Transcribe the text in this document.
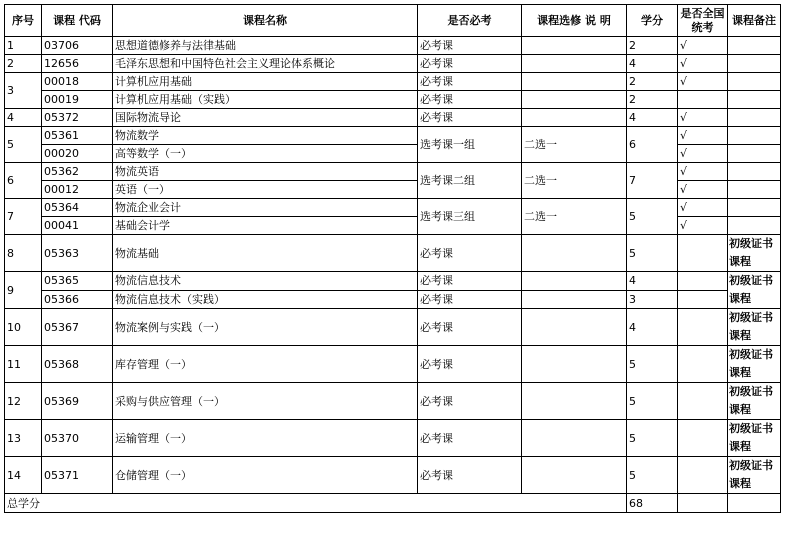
序号	课程 代码	课程名称	是否必考	课程选修 说 明	学分	是否全国统考	课程备注
1	03706	思想道德修养与法律基础	必考课		2	√	
2	12656	毛泽东思想和中国特色社会主义理论体系概论	必考课		4	√	
3	00018	计算机应用基础	必考课		2	√	
	00019	计算机应用基础（实践）	必考课		2		
4	05372	国际物流导论	必考课		4	√	
5	05361	物流数学	选考课一组	二选一	6	√	
	00020	高等数学（一）				√	
6	05362	物流英语	选考课二组	二选一	7	√	
	00012	英语（一）				√	
7	05364	物流企业会计	选考课三组	二选一	5	√	
	00041	基础会计学				√	
8	05363	物流基础	必考课		5		初级证书课程
9	05365	物流信息技术	必考课		4		初级证书课程
	05366	物流信息技术（实践）	必考课		3		
10	05367	物流案例与实践（一）	必考课		4		初级证书课程
11	05368	库存管理（一）	必考课		5		初级证书课程
12	05369	采购与供应管理（一）	必考课		5		初级证书课程
13	05370	运输管理（一）	必考课		5		初级证书课程
14	05371	仓储管理（一）	必考课		5		初级证书课程
总学分					68		
